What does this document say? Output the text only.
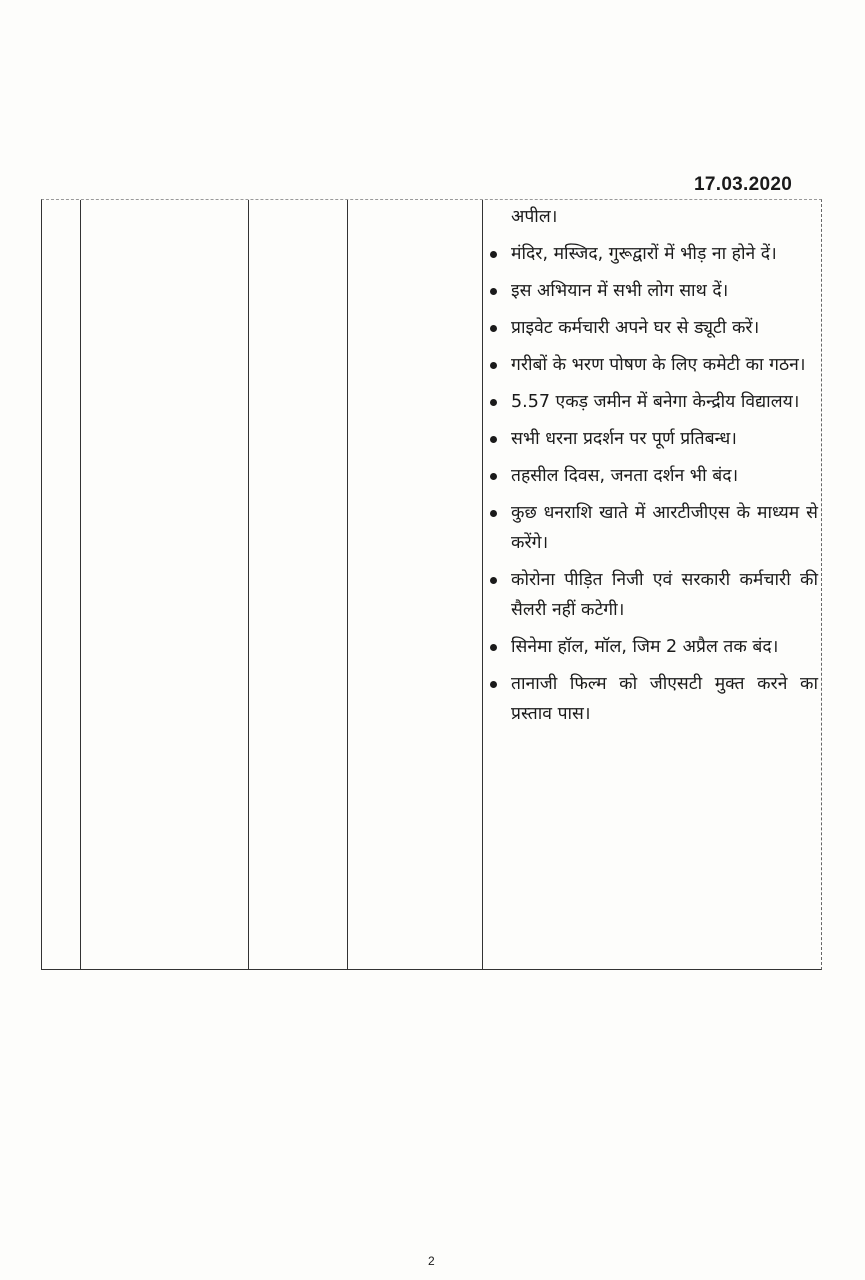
17.03.2020
अपील।
मंदिर, मस्जिद, गुरूद्वारों में भीड़ ना होने दें।
इस अभियान में सभी लोग साथ दें।
प्राइवेट कर्मचारी अपने घर से ड्यूटी करें।
गरीबों के भरण पोषण के लिए कमेटी का गठन।
5.57 एकड़ जमीन में बनेगा केन्द्रीय विद्यालय।
सभी धरना प्रदर्शन पर पूर्ण प्रतिबन्ध।
तहसील दिवस, जनता दर्शन भी बंद।
कुछ धनराशि खाते में आरटीजीएस के माध्यम से करेंगे।
कोरोना पीड़ित निजी एवं सरकारी कर्मचारी की सैलरी नहीं कटेगी।
सिनेमा हॉल, मॉल, जिम 2 अप्रैल तक बंद।
तानाजी फिल्म को जीएसटी मुक्त करने का प्रस्ताव पास।
2
